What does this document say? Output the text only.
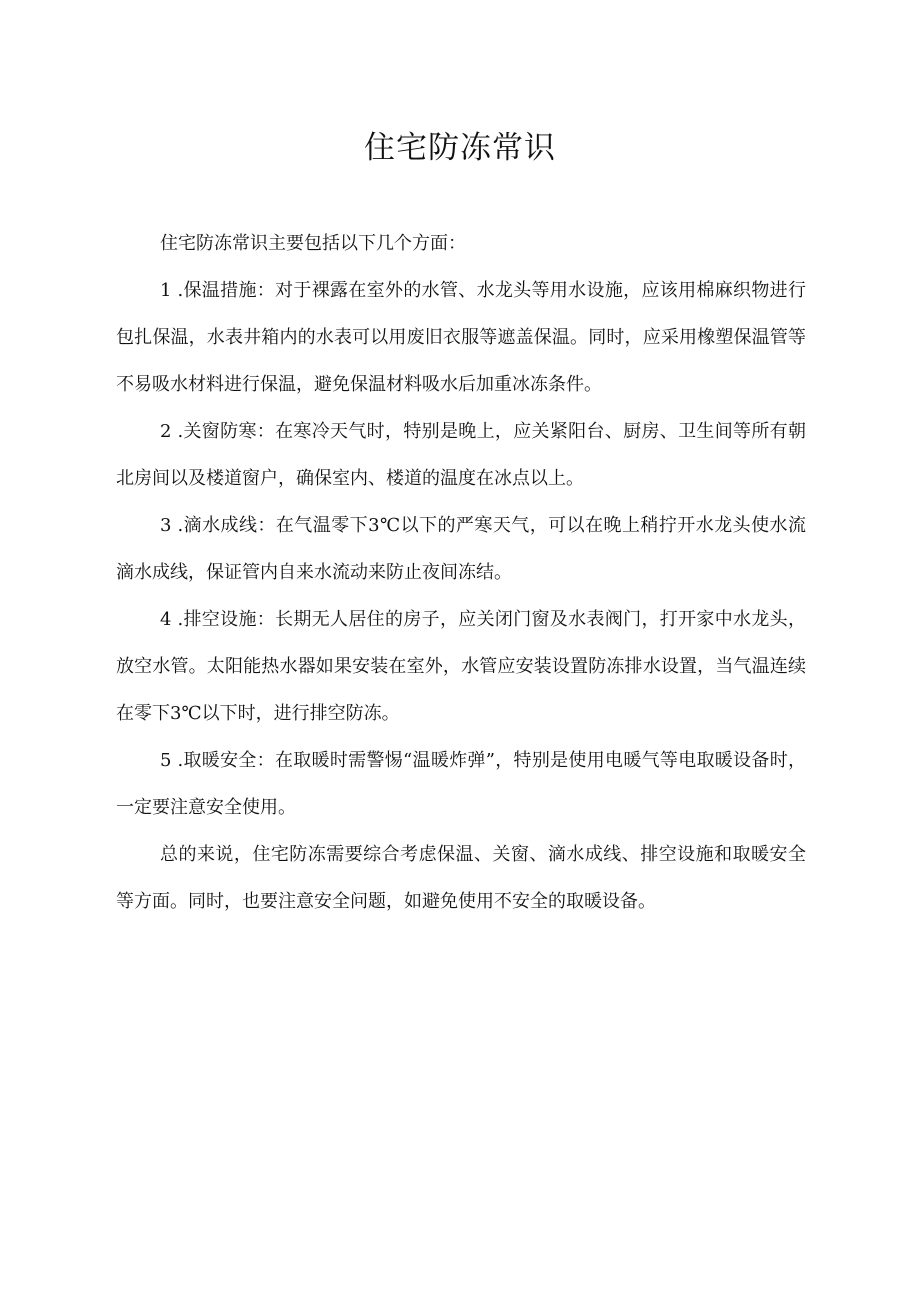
住宅防冻常识

住宅防冻常识主要包括以下几个方面：

1 .保温措施：对于裸露在室外的水管、水龙头等用水设施，应该用棉麻织物进行包扎保温，水表井箱内的水表可以用废旧衣服等遮盖保温。同时，应采用橡塑保温管等不易吸水材料进行保温，避免保温材料吸水后加重冰冻条件。

2 .关窗防寒：在寒冷天气时，特别是晚上，应关紧阳台、厨房、卫生间等所有朝北房间以及楼道窗户，确保室内、楼道的温度在冰点以上。

3 .滴水成线：在气温零下3℃以下的严寒天气，可以在晚上稍拧开水龙头使水流滴水成线，保证管内自来水流动来防止夜间冻结。

4 .排空设施：长期无人居住的房子，应关闭门窗及水表阀门，打开家中水龙头，放空水管。太阳能热水器如果安装在室外，水管应安装设置防冻排水设置，当气温连续在零下3℃以下时，进行排空防冻。

5 .取暖安全：在取暖时需警惕“温暖炸弹”，特别是使用电暖气等电取暖设备时，一定要注意安全使用。

总的来说，住宅防冻需要综合考虑保温、关窗、滴水成线、排空设施和取暖安全等方面。同时，也要注意安全问题，如避免使用不安全的取暖设备。
